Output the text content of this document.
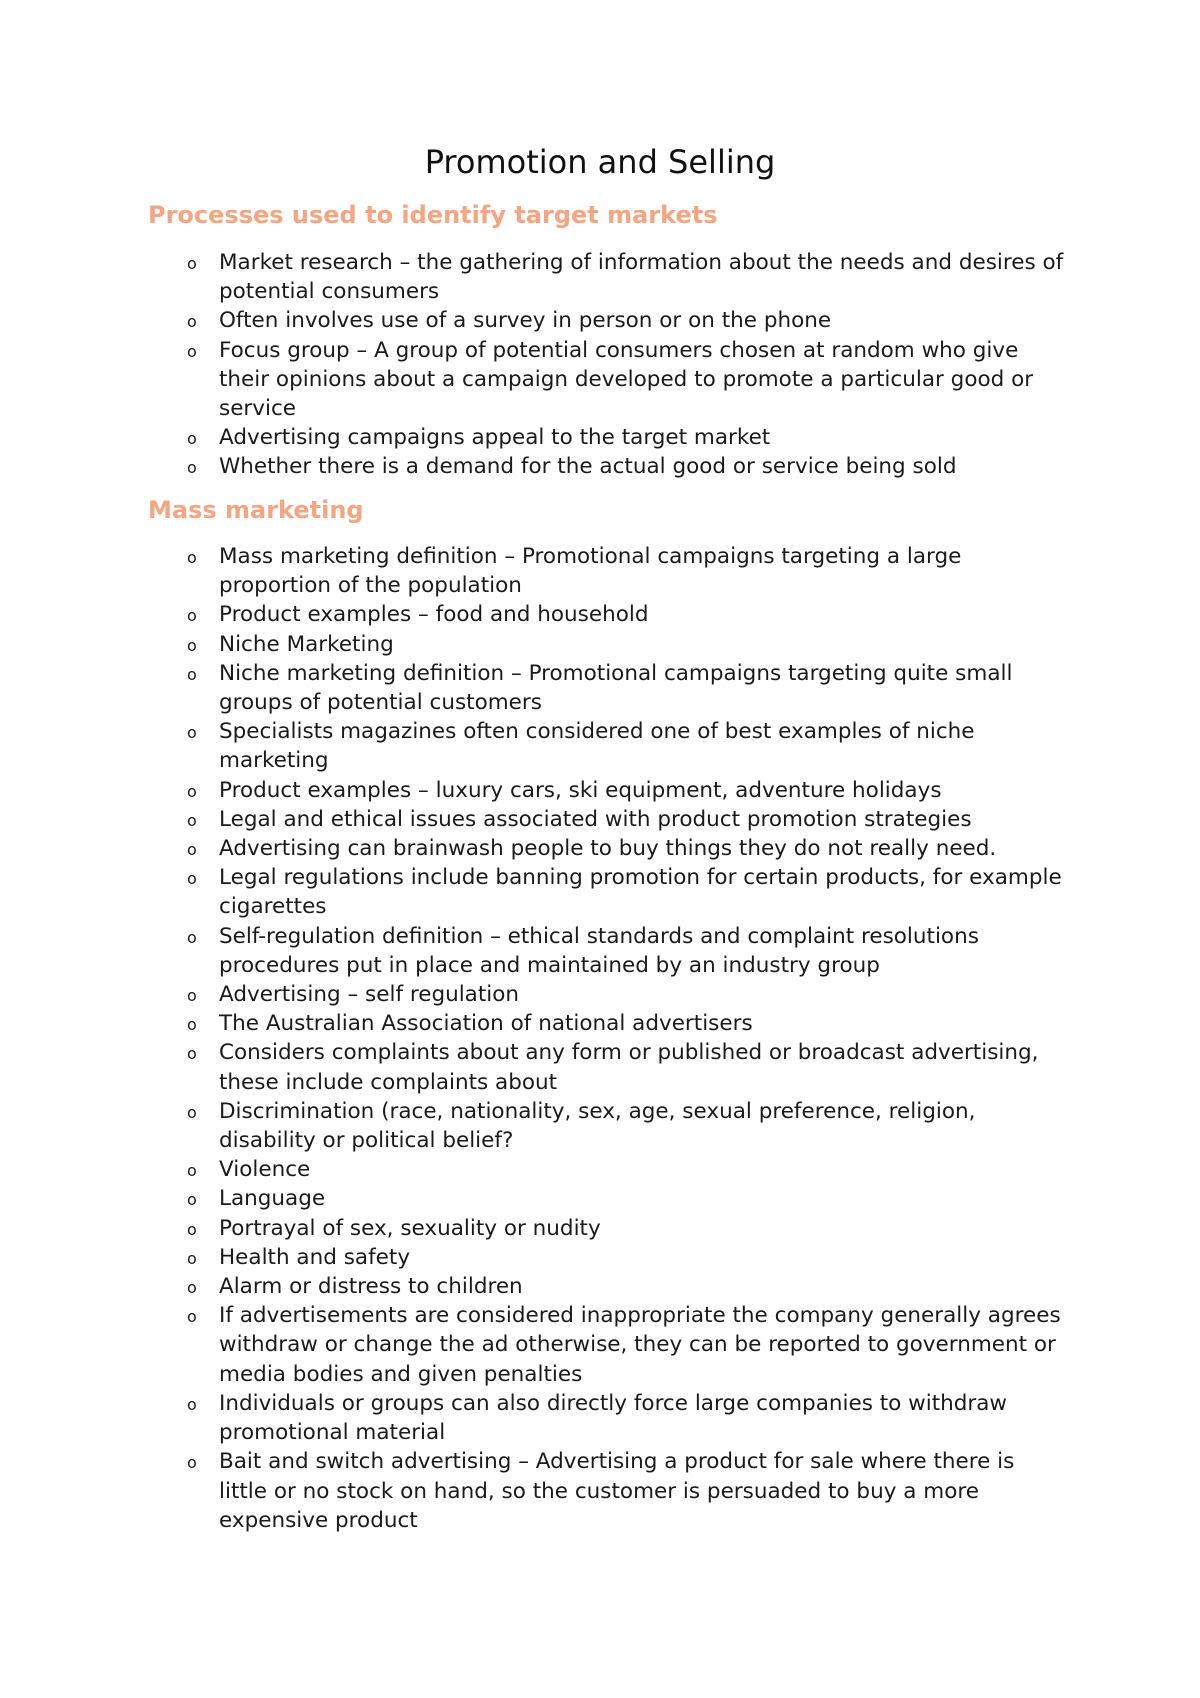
Promotion and Selling
Processes used to identify target markets
o Market research – the gathering of information about the needs and desires of potential consumers
o Often involves use of a survey in person or on the phone
o Focus group – A group of potential consumers chosen at random who give their opinions about a campaign developed to promote a particular good or service
o Advertising campaigns appeal to the target market
o Whether there is a demand for the actual good or service being sold
Mass marketing
o Mass marketing definition – Promotional campaigns targeting a large proportion of the population
o Product examples – food and household
o Niche Marketing
o Niche marketing definition – Promotional campaigns targeting quite small groups of potential customers
o Specialists magazines often considered one of best examples of niche marketing
o Product examples – luxury cars, ski equipment, adventure holidays
o Legal and ethical issues associated with product promotion strategies
o Advertising can brainwash people to buy things they do not really need.
o Legal regulations include banning promotion for certain products, for example cigarettes
o Self-regulation definition – ethical standards and complaint resolutions procedures put in place and maintained by an industry group
o Advertising – self regulation
o The Australian Association of national advertisers
o Considers complaints about any form or published or broadcast advertising, these include complaints about
o Discrimination (race, nationality, sex, age, sexual preference, religion, disability or political belief?
o Violence
o Language
o Portrayal of sex, sexuality or nudity
o Health and safety
o Alarm or distress to children
o If advertisements are considered inappropriate the company generally agrees withdraw or change the ad otherwise, they can be reported to government or media bodies and given penalties
o Individuals or groups can also directly force large companies to withdraw promotional material
o Bait and switch advertising – Advertising a product for sale where there is little or no stock on hand, so the customer is persuaded to buy a more expensive product
